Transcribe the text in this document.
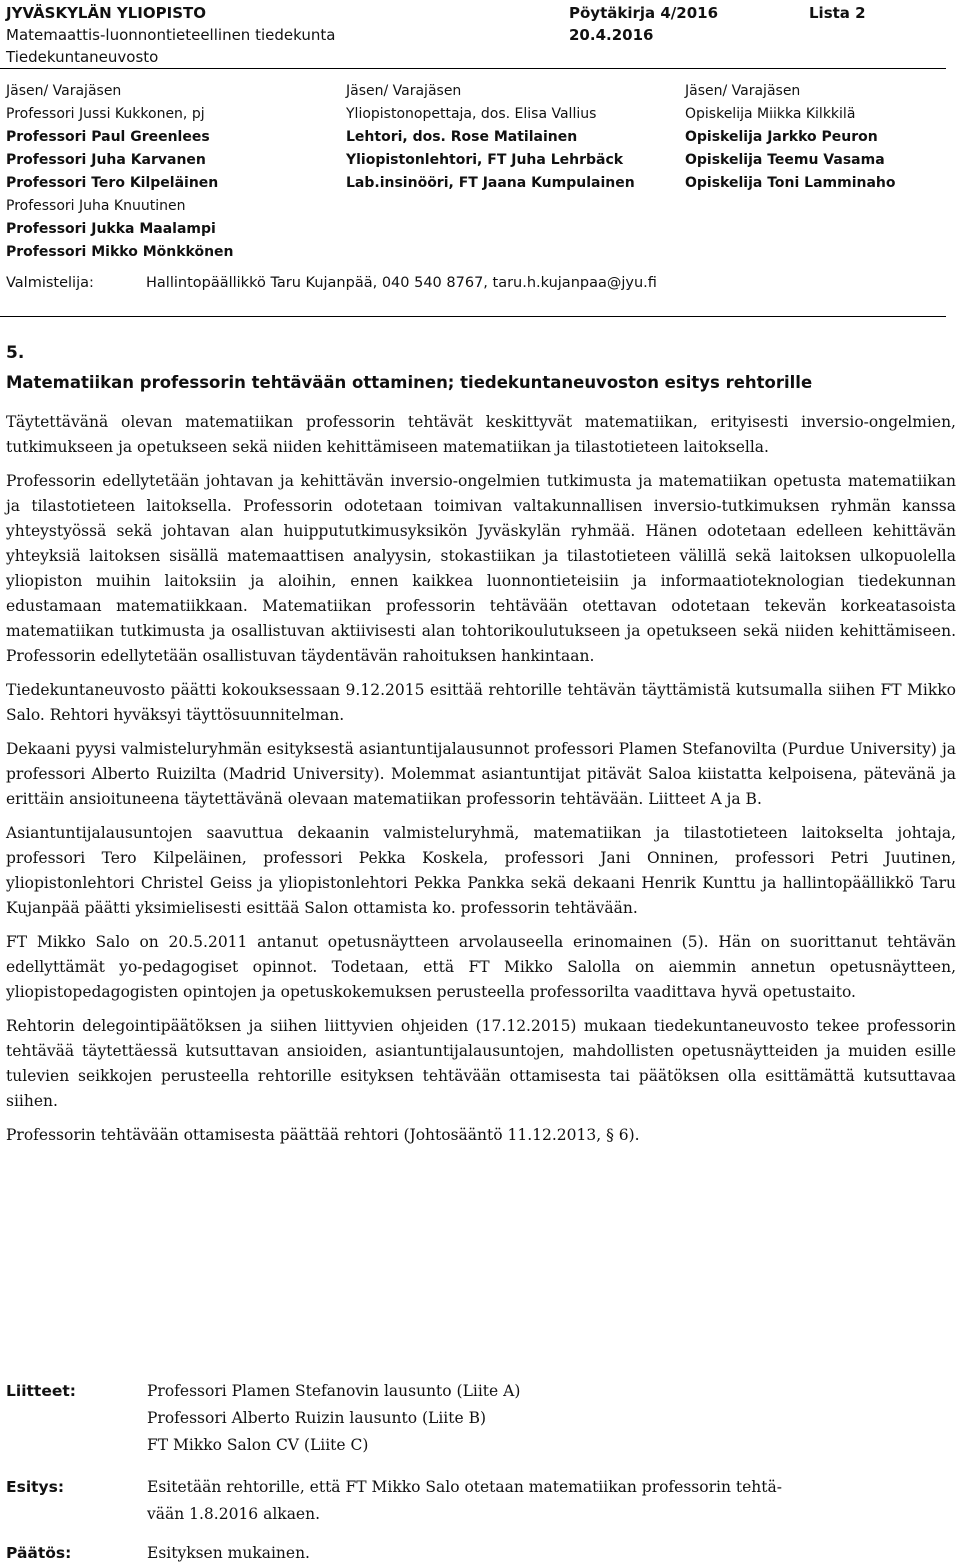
JYVÄSKYLÄN YLIOPISTO	Pöytäkirja 4/2016	Lista 2
Matemaattis-luonnontieteellinen tiedekunta	20.4.2016
Tiedekuntaneuvosto
Jäsen/ Varajäsen
Professori Jussi Kukkonen, pj
Professori Paul Greenlees
Professori Juha Karvanen
Professori Tero Kilpeläinen
Professori Juha Knuutinen
Professori Jukka Maalampi
Professori Mikko Mönkkönen
Jäsen/ Varajäsen
Yliopistonopettaja, dos. Elisa Vallius
Lehtori, dos. Rose Matilainen
Yliopistonlehtori, FT Juha Lehrbäck
Lab.insinööri, FT Jaana Kumpulainen
Jäsen/ Varajäsen
Opiskelija Miikka Kilkkilä
Opiskelija Jarkko Peuron
Opiskelija Teemu Vasama
Opiskelija Toni Lamminaho
Valmistelija:	Hallintopäällikkö Taru Kujanpää, 040 540 8767, taru.h.kujanpaa@jyu.fi
5.
Matematiikan professorin tehtävään ottaminen; tiedekuntaneuvoston esitys rehtorille

Täytettävänä olevan matematiikan professorin tehtävät keskittyvät matematiikan, erityisesti inversio-ongelmien, tutkimukseen ja opetukseen sekä niiden kehittämiseen matematiikan ja tilastotieteen laitoksella.

Professorin edellytetään johtavan ja kehittävän inversio-ongelmien tutkimusta ja matematiikan opetusta matematiikan ja tilastotieteen laitoksella. Professorin odotetaan toimivan valtakunnallisen inversio-tutkimuksen ryhmän kanssa yhteystyössä sekä johtavan alan huippututkimusyksikön Jyväskylän ryhmää. Hänen odotetaan edelleen kehittävän yhteyksiä laitoksen sisällä matemaattisen analyysin, stokastiikan ja tilastotieteen välillä sekä laitoksen ulkopuolella yliopiston muihin laitoksiin ja aloihin, ennen kaikkea luonnontieteisiin ja informaatioteknologian tiedekunnan edustamaan matematiikkaan. Matematiikan professorin tehtävään otettavan odotetaan tekevän korkeatasoista matematiikan tutkimusta ja osallistuvan aktiivisesti alan tohtorikoulutukseen ja opetukseen sekä niiden kehittämiseen. Professorin edellytetään osallistuvan täydentävän rahoituksen hankintaan.

Tiedekuntaneuvosto päätti kokouksessaan 9.12.2015 esittää rehtorille tehtävän täyttämistä kutsumalla siihen FT Mikko Salo. Rehtori hyväksyi täyttösuunnitelman.

Dekaani pyysi valmisteluryhmän esityksestä asiantuntijalausunnot professori Plamen Stefanovilta (Purdue University) ja professori Alberto Ruizilta (Madrid University). Molemmat asiantuntijat pitävät Saloa kiistatta kelpoisena, pätevänä ja erittäin ansioituneena täytettävänä olevaan matematiikan professorin tehtävään. Liitteet A ja B.

Asiantuntijalausuntojen saavuttua dekaanin valmisteluryhmä, matematiikan ja tilastotieteen laitokselta johtaja, professori Tero Kilpeläinen, professori Pekka Koskela, professori Jani Onninen, professori Petri Juutinen, yliopistonlehtori Christel Geiss ja yliopistonlehtori Pekka Pankka sekä dekaani Henrik Kunttu ja hallintopäällikkö Taru Kujanpää päätti yksimielisesti esittää Salon ottamista ko. professorin tehtävään.

FT Mikko Salo on 20.5.2011 antanut opetusnäytteen arvolauseella erinomainen (5). Hän on suorittanut tehtävän edellyttämät yo-pedagogiset opinnot. Todetaan, että FT Mikko Salolla on aiemmin annetun opetusnäytteen, yliopistopedagogisten opintojen ja opetuskokemuksen perusteella professorilta vaadittava hyvä opetustaito.

Rehtorin delegointipäätöksen ja siihen liittyvien ohjeiden (17.12.2015) mukaan tiedekuntaneuvosto tekee professorin tehtävää täytettäessä kutsuttavan ansioiden, asiantuntijalausuntojen, mahdollisten opetusnäytteiden ja muiden esille tulevien seikkojen perusteella rehtorille esityksen tehtävään ottamisesta tai päätöksen olla esittämättä kutsuttavaa siihen.

Professorin tehtävään ottamisesta päättää rehtori (Johtosääntö 11.12.2013, § 6).

Liitteet:	Professori Plamen Stefanovin lausunto (Liite A)
Professori Alberto Ruizin lausunto (Liite B)
FT Mikko Salon CV (Liite C)
Esitys:	Esitetään rehtorille, että FT Mikko Salo otetaan matematiikan professorin tehtä-
vään 1.8.2016 alkaen.
Päätös:	Esityksen mukainen.
